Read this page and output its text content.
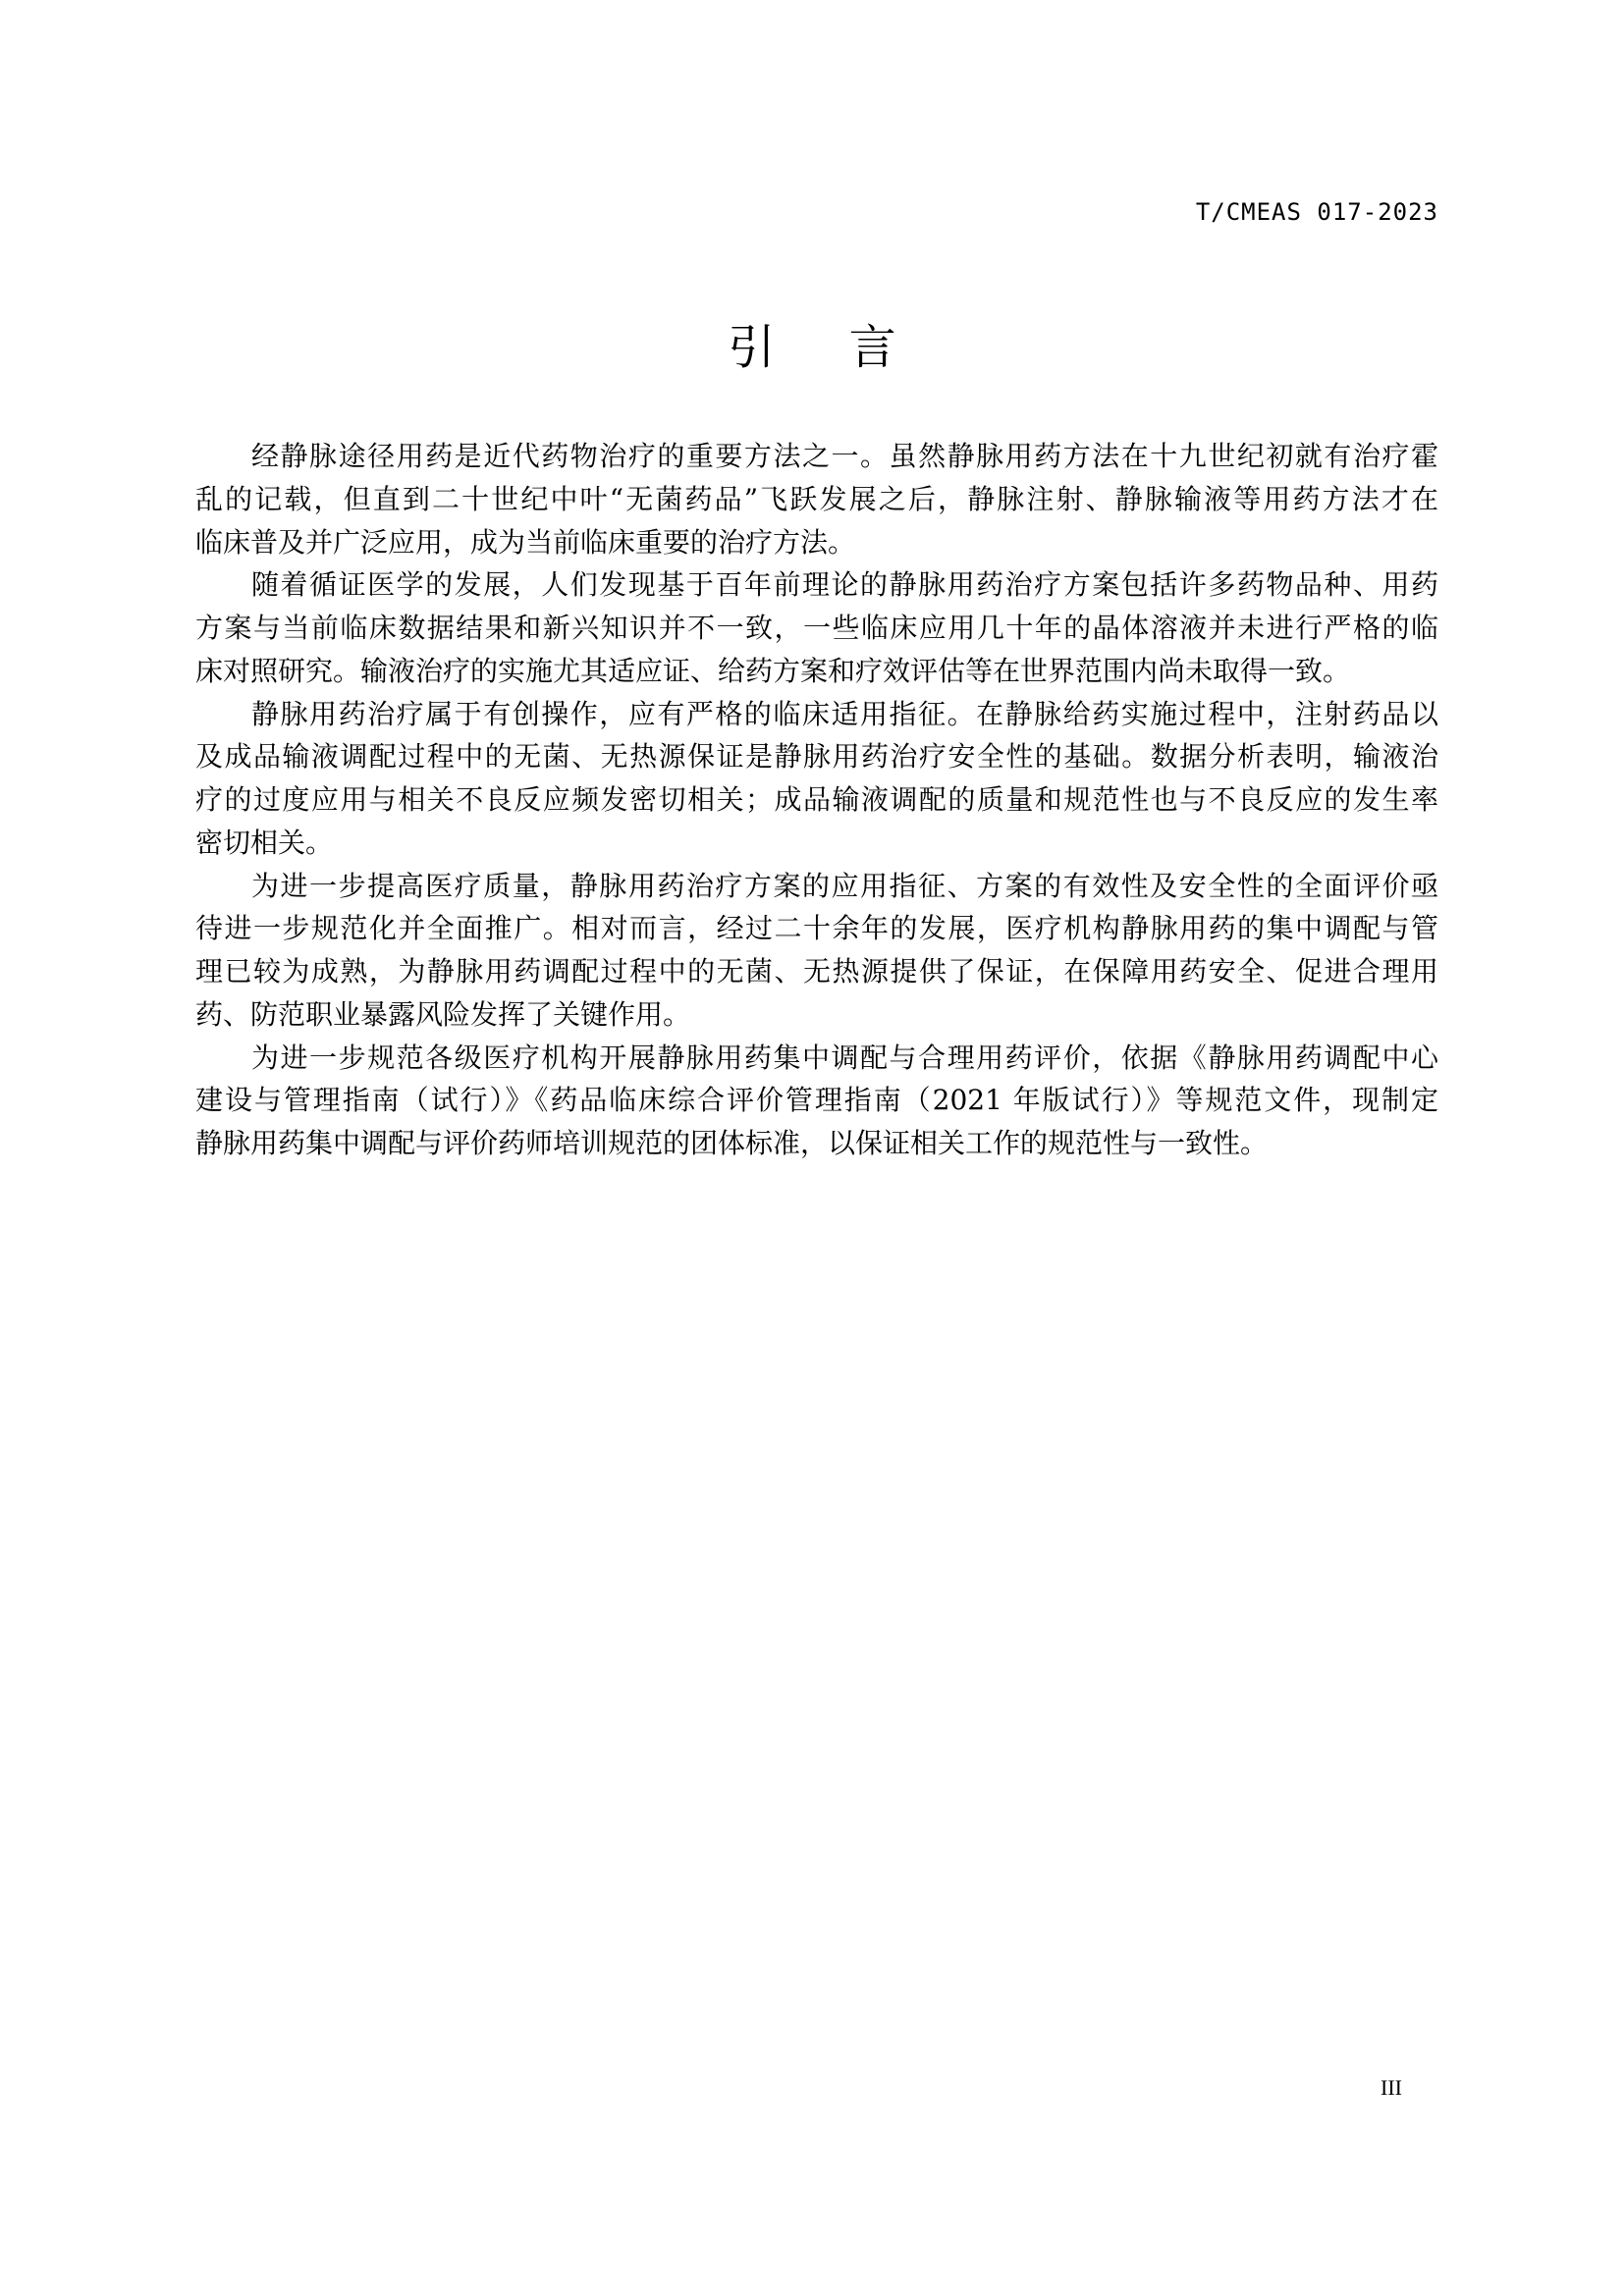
T/CMEAS 017-2023
引 言
经静脉途径用药是近代药物治疗的重要方法之一。虽然静脉用药方法在十九世纪初就有治疗霍
乱的记载，但直到二十世纪中叶“无菌药品”飞跃发展之后，静脉注射、静脉输液等用药方法才在
临床普及并广泛应用，成为当前临床重要的治疗方法。
随着循证医学的发展，人们发现基于百年前理论的静脉用药治疗方案包括许多药物品种、用药
方案与当前临床数据结果和新兴知识并不一致，一些临床应用几十年的晶体溶液并未进行严格的临
床对照研究。输液治疗的实施尤其适应证、给药方案和疗效评估等在世界范围内尚未取得一致。
静脉用药治疗属于有创操作，应有严格的临床适用指征。在静脉给药实施过程中，注射药品以
及成品输液调配过程中的无菌、无热源保证是静脉用药治疗安全性的基础。数据分析表明，输液治
疗的过度应用与相关不良反应频发密切相关；成品输液调配的质量和规范性也与不良反应的发生率
密切相关。
为进一步提高医疗质量，静脉用药治疗方案的应用指征、方案的有效性及安全性的全面评价亟
待进一步规范化并全面推广。相对而言，经过二十余年的发展，医疗机构静脉用药的集中调配与管
理已较为成熟，为静脉用药调配过程中的无菌、无热源提供了保证，在保障用药安全、促进合理用
药、防范职业暴露风险发挥了关键作用。
为进一步规范各级医疗机构开展静脉用药集中调配与合理用药评价，依据《静脉用药调配中心
建设与管理指南（试行）》《药品临床综合评价管理指南（2021 年版试行）》等规范文件，现制定
静脉用药集中调配与评价药师培训规范的团体标准，以保证相关工作的规范性与一致性。
III
